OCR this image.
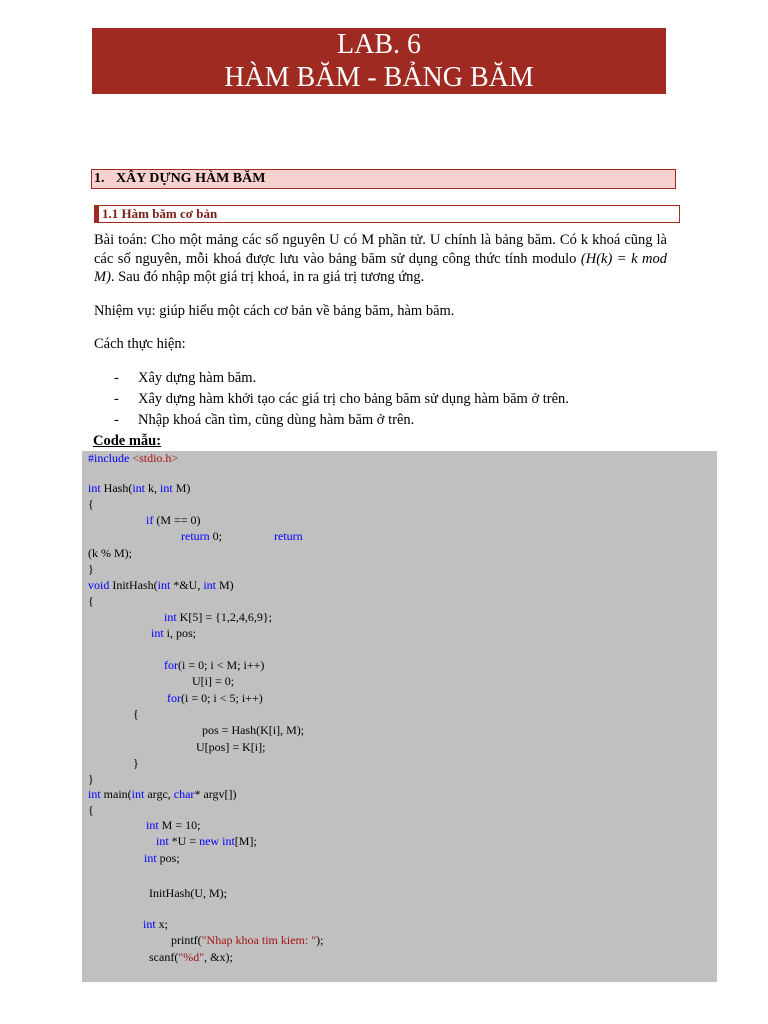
LAB. 6
HÀM BĂM - BẢNG BĂM
1. XÂY DỰNG HÀM BĂM
1.1 Hàm băm cơ bản
Bài toán: Cho một mảng các số nguyên U có M phần tử. U chính là bảng băm. Có k khoá cũng là các số nguyên, mỗi khoá được lưu vào bảng băm sử dụng công thức tính modulo (H(k) = k mod M). Sau đó nhập một giá trị khoá, in ra giá trị tương ứng.
Nhiệm vụ: giúp hiểu một cách cơ bản về bảng băm, hàm băm.
Cách thực hiện:
- Xây dựng hàm băm.
- Xây dựng hàm khởi tạo các giá trị cho bảng băm sử dụng hàm băm ở trên.
- Nhập khoá cần tìm, cũng dùng hàm băm ở trên.
Code mẫu:
#include <stdio.h>
int Hash(int k, int M)
{
if (M == 0)
return 0;	return
(k % M);
}
void InitHash(int *&U, int M)
{
int K[5] = {1,2,4,6,9};
int i, pos;
for(i = 0; i < M; i++)
U[i] = 0;
for(i = 0; i < 5; i++)
{
pos = Hash(K[i], M);
U[pos] = K[i];
}
}
int main(int argc, char* argv[])
{
int M = 10;
int *U = new int[M];
int pos;
InitHash(U, M);
int x;
printf("Nhap khoa tim kiem: ");
scanf("%d", &x);
